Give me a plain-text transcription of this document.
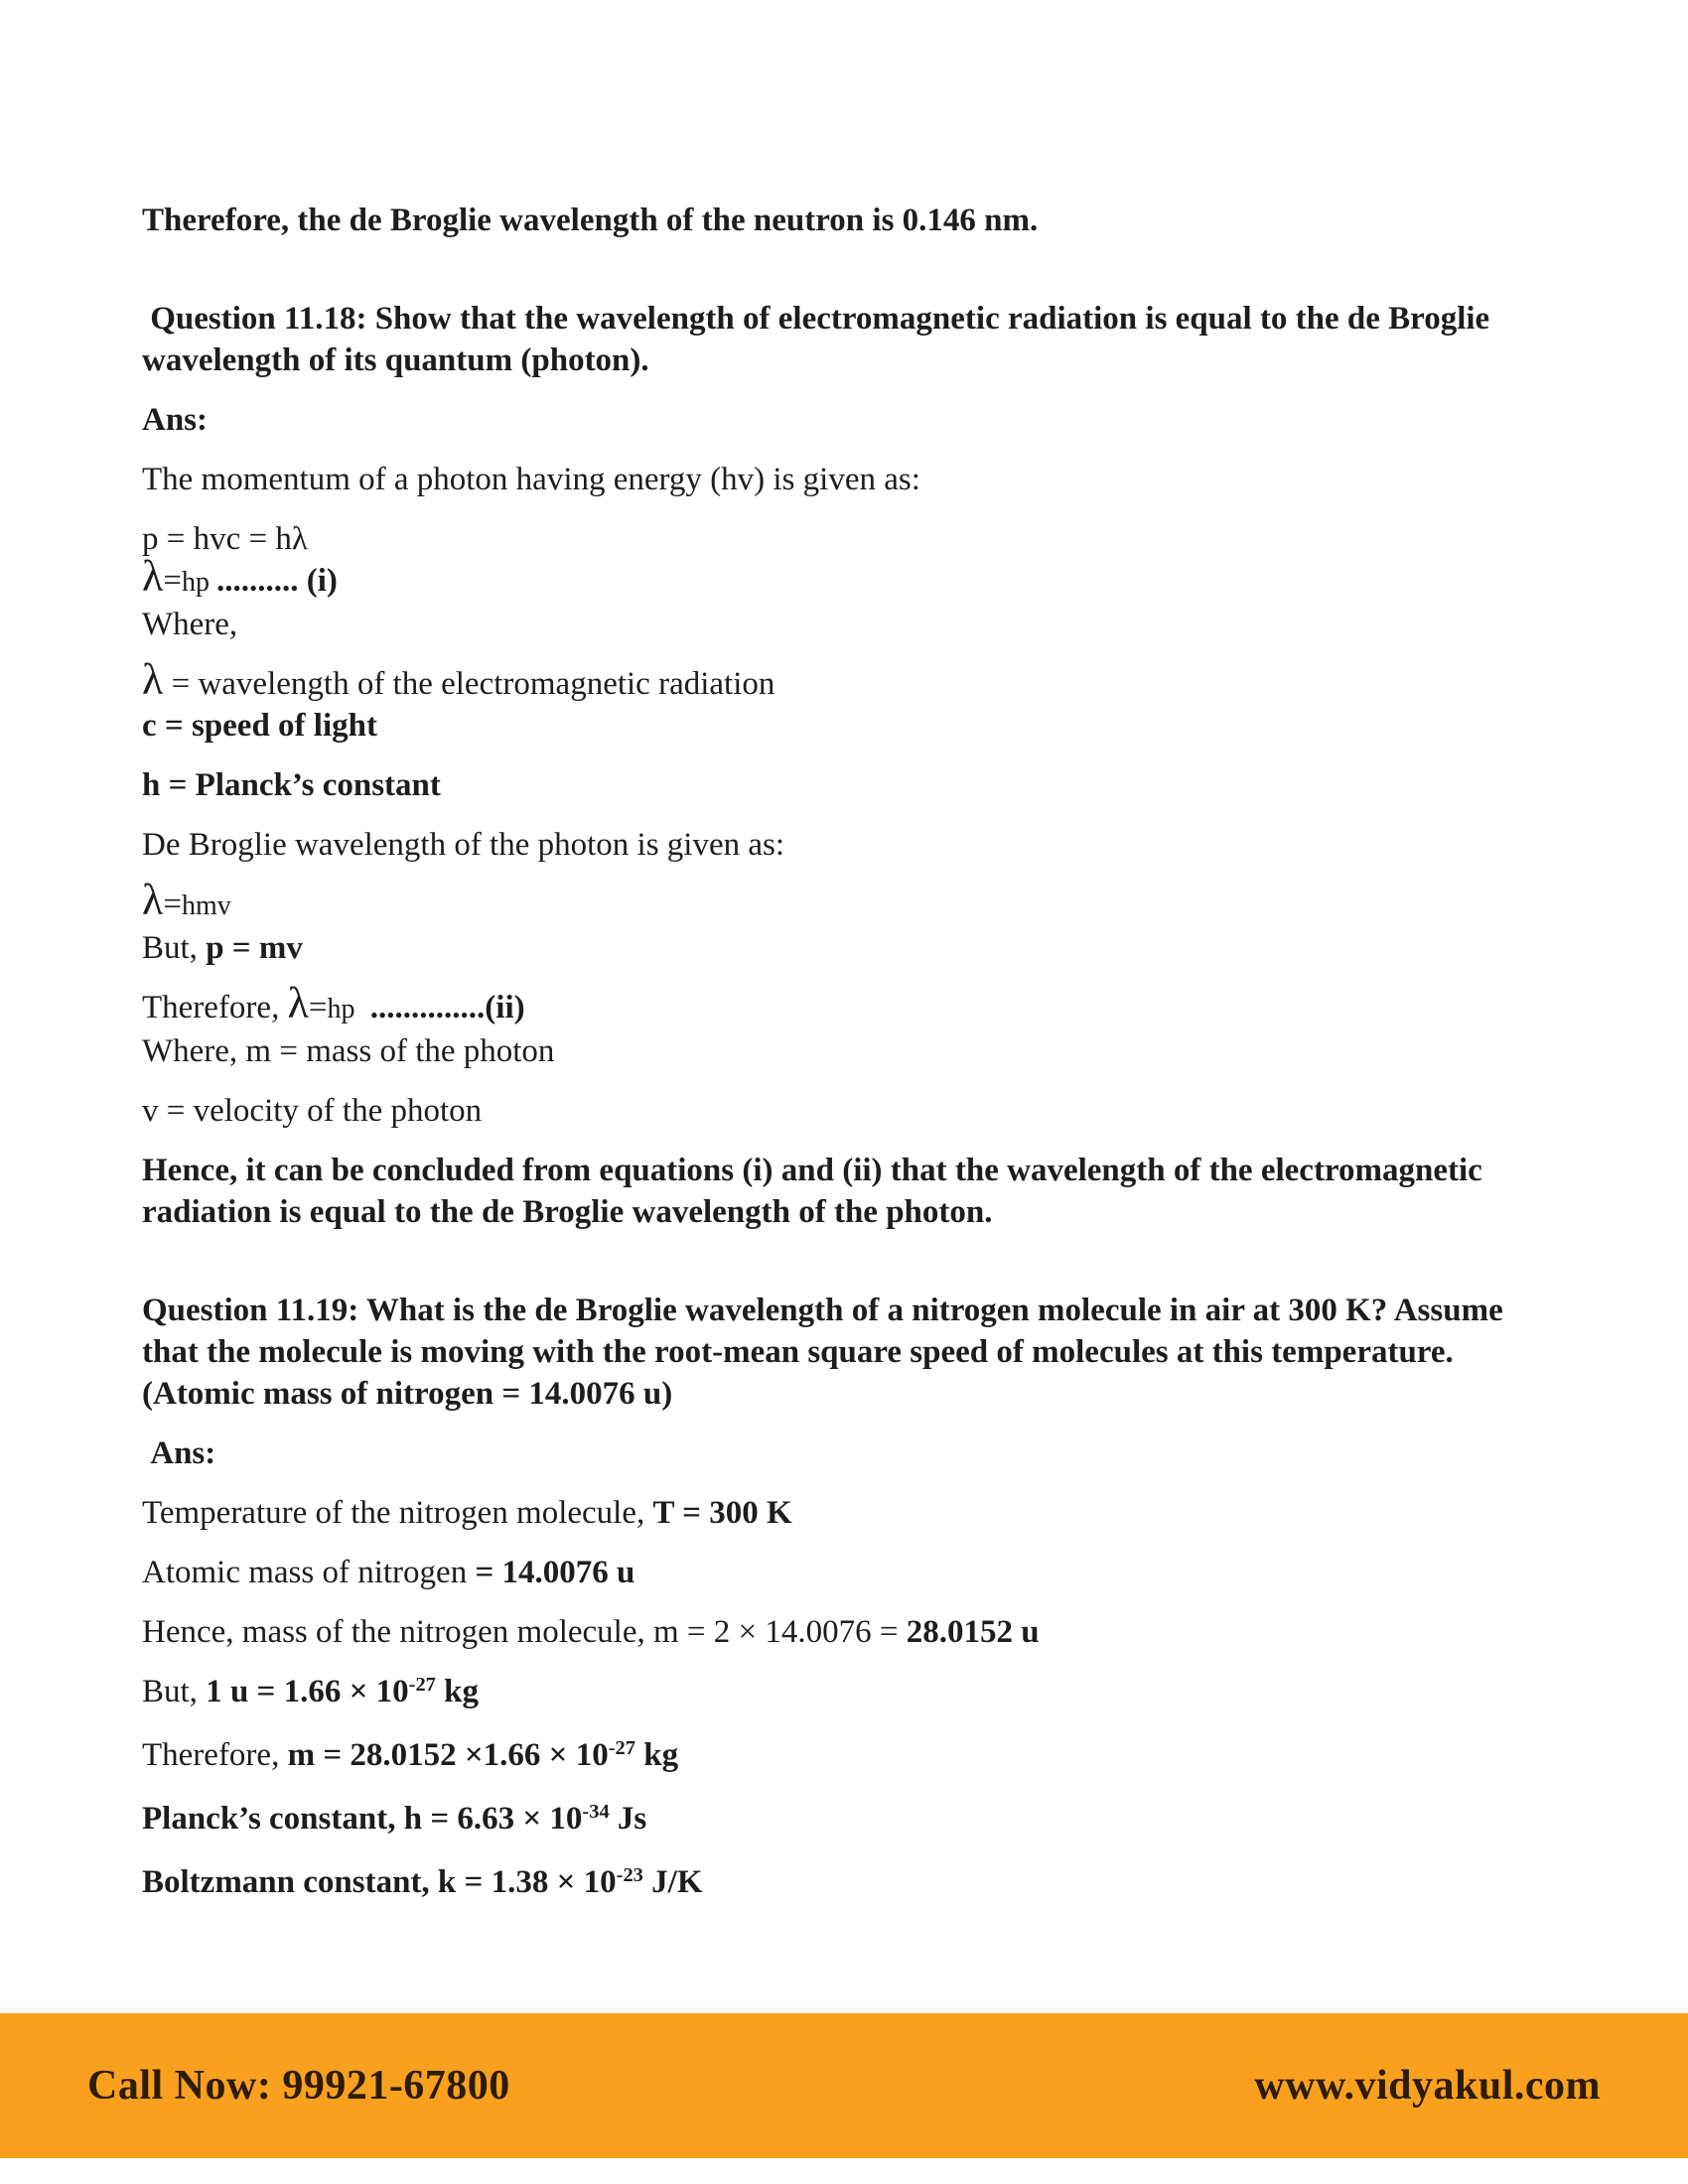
Therefore, the de Broglie wavelength of the neutron is 0.146 nm.
Question 11.18: Show that the wavelength of electromagnetic radiation is equal to the de Broglie wavelength of its quantum (photon).
Ans:
The momentum of a photon having energy (hv) is given as:
p = hvc = hλ
λ=hp .......... (i)
Where,
λ = wavelength of the electromagnetic radiation
c = speed of light
h = Planck’s constant
De Broglie wavelength of the photon is given as:
λ=hmv
But, p = mv
Therefore, λ=hp  ..............(ii)
Where, m = mass of the photon
v = velocity of the photon
Hence, it can be concluded from equations (i) and (ii) that the wavelength of the electromagnetic radiation is equal to the de Broglie wavelength of the photon.
Question 11.19: What is the de Broglie wavelength of a nitrogen molecule in air at 300 K? Assume that the molecule is moving with the root-mean square speed of molecules at this temperature. (Atomic mass of nitrogen = 14.0076 u)
Ans:
Temperature of the nitrogen molecule, T = 300 K
Atomic mass of nitrogen = 14.0076 u
Hence, mass of the nitrogen molecule, m = 2 × 14.0076 = 28.0152 u
But, 1 $u = 1.66 \times 10^{-27}$ kg
Therefore, $m = 28.0152 \times 1.66 \times 10^{-27}$ kg
Planck’s constant, $h = 6.63 \times 10^{-34}$ Js
Boltzmann constant, $k = 1.38 \times 10^{-23}$ J/K
Call Now: 99921-67800	www.vidyakul.com
